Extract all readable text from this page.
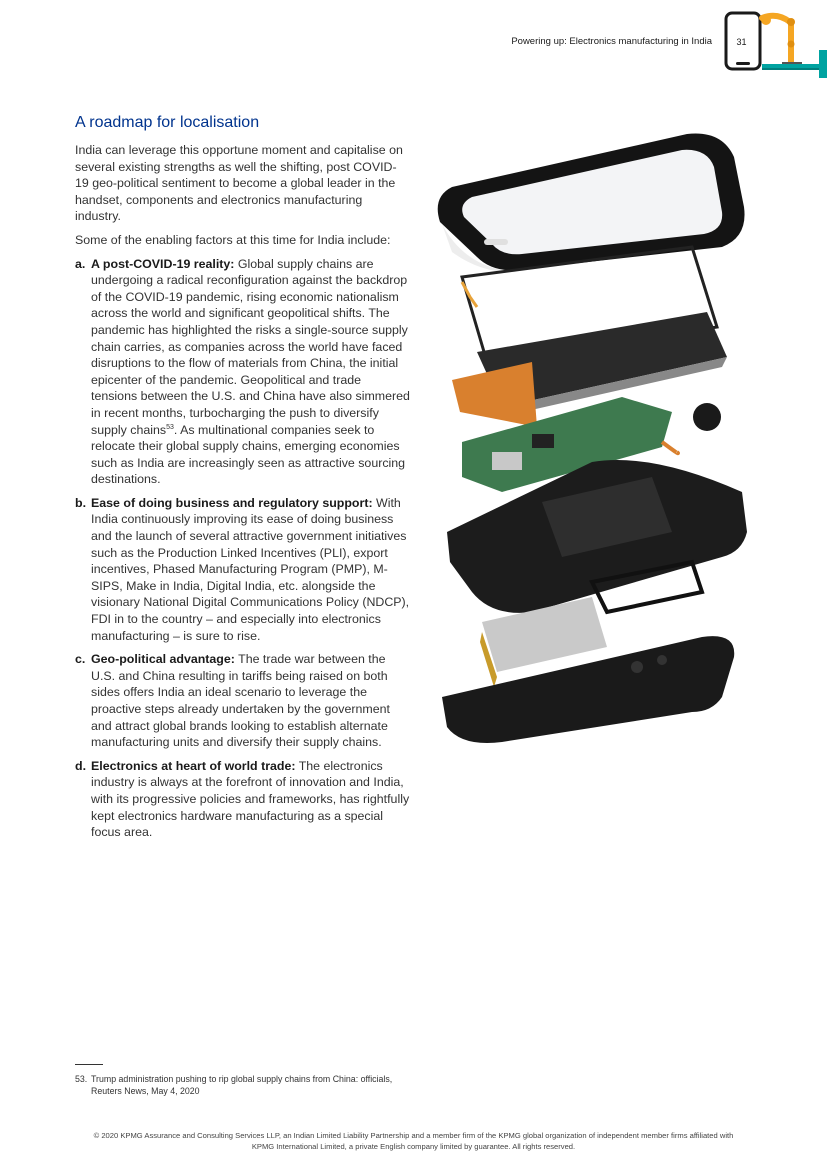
Powering up: Electronics manufacturing in India	31
A roadmap for localisation

India can leverage this opportune moment and capitalise on several existing strengths as well the shifting, post COVID-19 geo-political sentiment to become a global leader in the handset, components and electronics manufacturing industry.

Some of the enabling factors at this time for India include:

a. A post-COVID-19 reality: Global supply chains are undergoing a radical reconfiguration against the backdrop of the COVID-19 pandemic, rising economic nationalism across the world and significant geopolitical shifts. The pandemic has highlighted the risks a single-source supply chain carries, as companies across the world have faced disruptions to the flow of materials from China, the initial epicenter of the pandemic. Geopolitical and trade tensions between the U.S. and China have also simmered in recent months, turbocharging the push to diversify supply chains$^{53}$. As multinational companies seek to relocate their global supply chains, emerging economies such as India are increasingly seen as attractive sourcing destinations.
b. Ease of doing business and regulatory support: With India continuously improving its ease of doing business and the launch of several attractive government initiatives such as the Production Linked Incentives (PLI), export incentives, Phased Manufacturing Program (PMP), M-SIPS, Make in India, Digital India, etc. alongside the visionary National Digital Communications Policy (NDCP), FDI in to the country – and especially into electronics manufacturing – is sure to rise.
c. Geo-political advantage: The trade war between the U.S. and China resulting in tariffs being raised on both sides offers India an ideal scenario to leverage the proactive steps already undertaken by the government and attract global brands looking to establish alternate manufacturing units and diversify their supply chains.
d. Electronics at heart of world trade: The electronics industry is always at the forefront of innovation and India, with its progressive policies and frameworks, has rightfully kept electronics hardware manufacturing as a special focus area.
53. Trump administration pushing to rip global supply chains from China: officials,
Reuters News, May 4, 2020
© 2020 KPMG Assurance and Consulting Services LLP, an Indian Limited Liability Partnership and a member firm of the KPMG global organization of independent member firms affiliated with
KPMG International Limited, a private English company limited by guarantee. All rights reserved.
